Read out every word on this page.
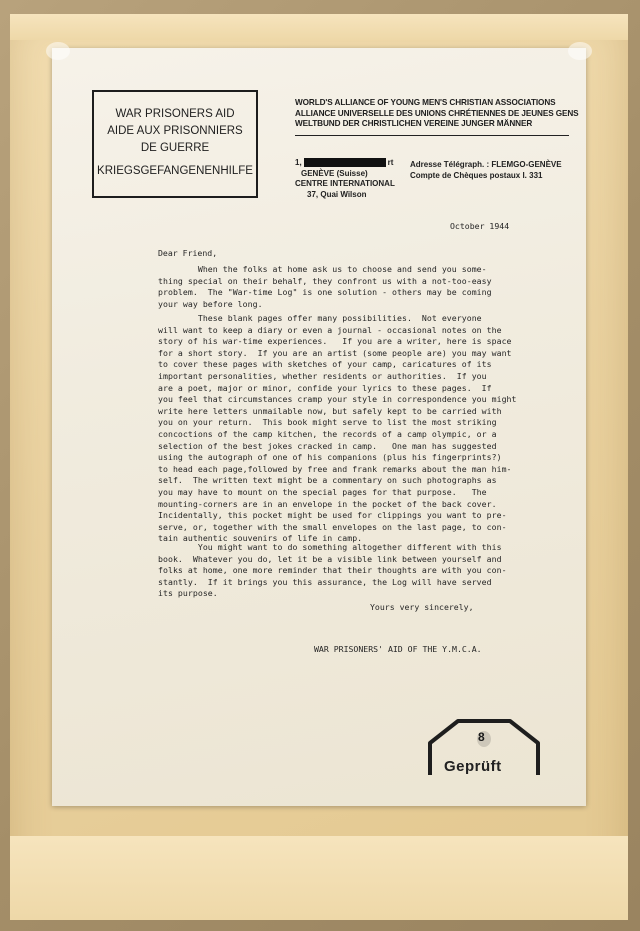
WAR PRISONERS AID
AIDE AUX PRISONNIERS
DE GUERRE
KRIEGSGEFANGENENHILFE
WORLD'S ALLIANCE OF YOUNG MEN'S CHRISTIAN ASSOCIATIONS
ALLIANCE UNIVERSELLE DES UNIONS CHRÉTIENNES DE JEUNES GENS
WELTBUND DER CHRISTLICHEN VEREINE JUNGER MÄNNER
1,	rt
GENÈVE (Suisse)
CENTRE INTERNATIONAL
37, Quai Wilson
Adresse Télégraph. : FLEMGO-GENÈVE
Compte de Chèques postaux I. 331
October 1944
Dear Friend,
When the folks at home ask us to choose and send you some-
thing special on their behalf, they confront us with a not-too-easy
problem.  The "War-time Log" is one solution - others may be coming
your way before long.
These blank pages offer many possibilities.  Not everyone
will want to keep a diary or even a journal - occasional notes on the
story of his war-time experiences.   If you are a writer, here is space
for a short story.  If you are an artist (some people are) you may want
to cover these pages with sketches of your camp, caricatures of its
important personalities, whether residents or authorities.  If you
are a poet, major or minor, confide your lyrics to these pages.  If
you feel that circumstances cramp your style in correspondence you might
write here letters unmailable now, but safely kept to be carried with
you on your return.  This book might serve to list the most striking
concoctions of the camp kitchen, the records of a camp olympic, or a
selection of the best jokes cracked in camp.   One man has suggested
using the autograph of one of his companions (plus his fingerprints?)
to head each page,followed by free and frank remarks about the man him-
self.  The written text might be a commentary on such photographs as
you may have to mount on the special pages for that purpose.   The
mounting-corners are in an envelope in the pocket of the back cover.
Incidentally, this pocket might be used for clippings you want to pre-
serve, or, together with the small envelopes on the last page, to con-
tain authentic souvenirs of life in camp.
You might want to do something altogether different with this
book.  Whatever you do, let it be a visible link between yourself and
folks at home, one more reminder that their thoughts are with you con-
stantly.  If it brings you this assurance, the Log will have served
its purpose.
Yours very sincerely,
WAR PRISONERS' AID OF THE Y.M.C.A.
8
Geprüft
